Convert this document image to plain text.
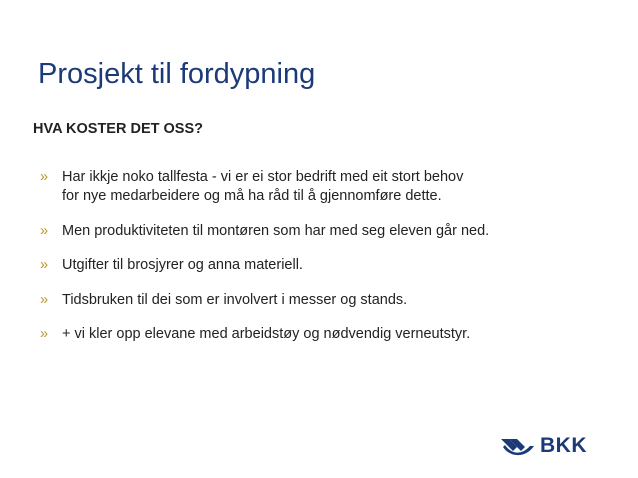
Prosjekt til fordypning
HVA KOSTER DET OSS?
» Har ikkje noko tallfesta - vi er ei stor bedrift med eit stort behov
for nye medarbeidere og må ha råd til å gjennomføre dette.
» Men produktiviteten til montøren som har med seg eleven går ned.
» Utgifter til brosjyrer og anna materiell.
» Tidsbruken til dei som er involvert i messer og stands.
» + vi kler opp elevane med arbeidstøy og nødvendig verneutstyr.
BKK
